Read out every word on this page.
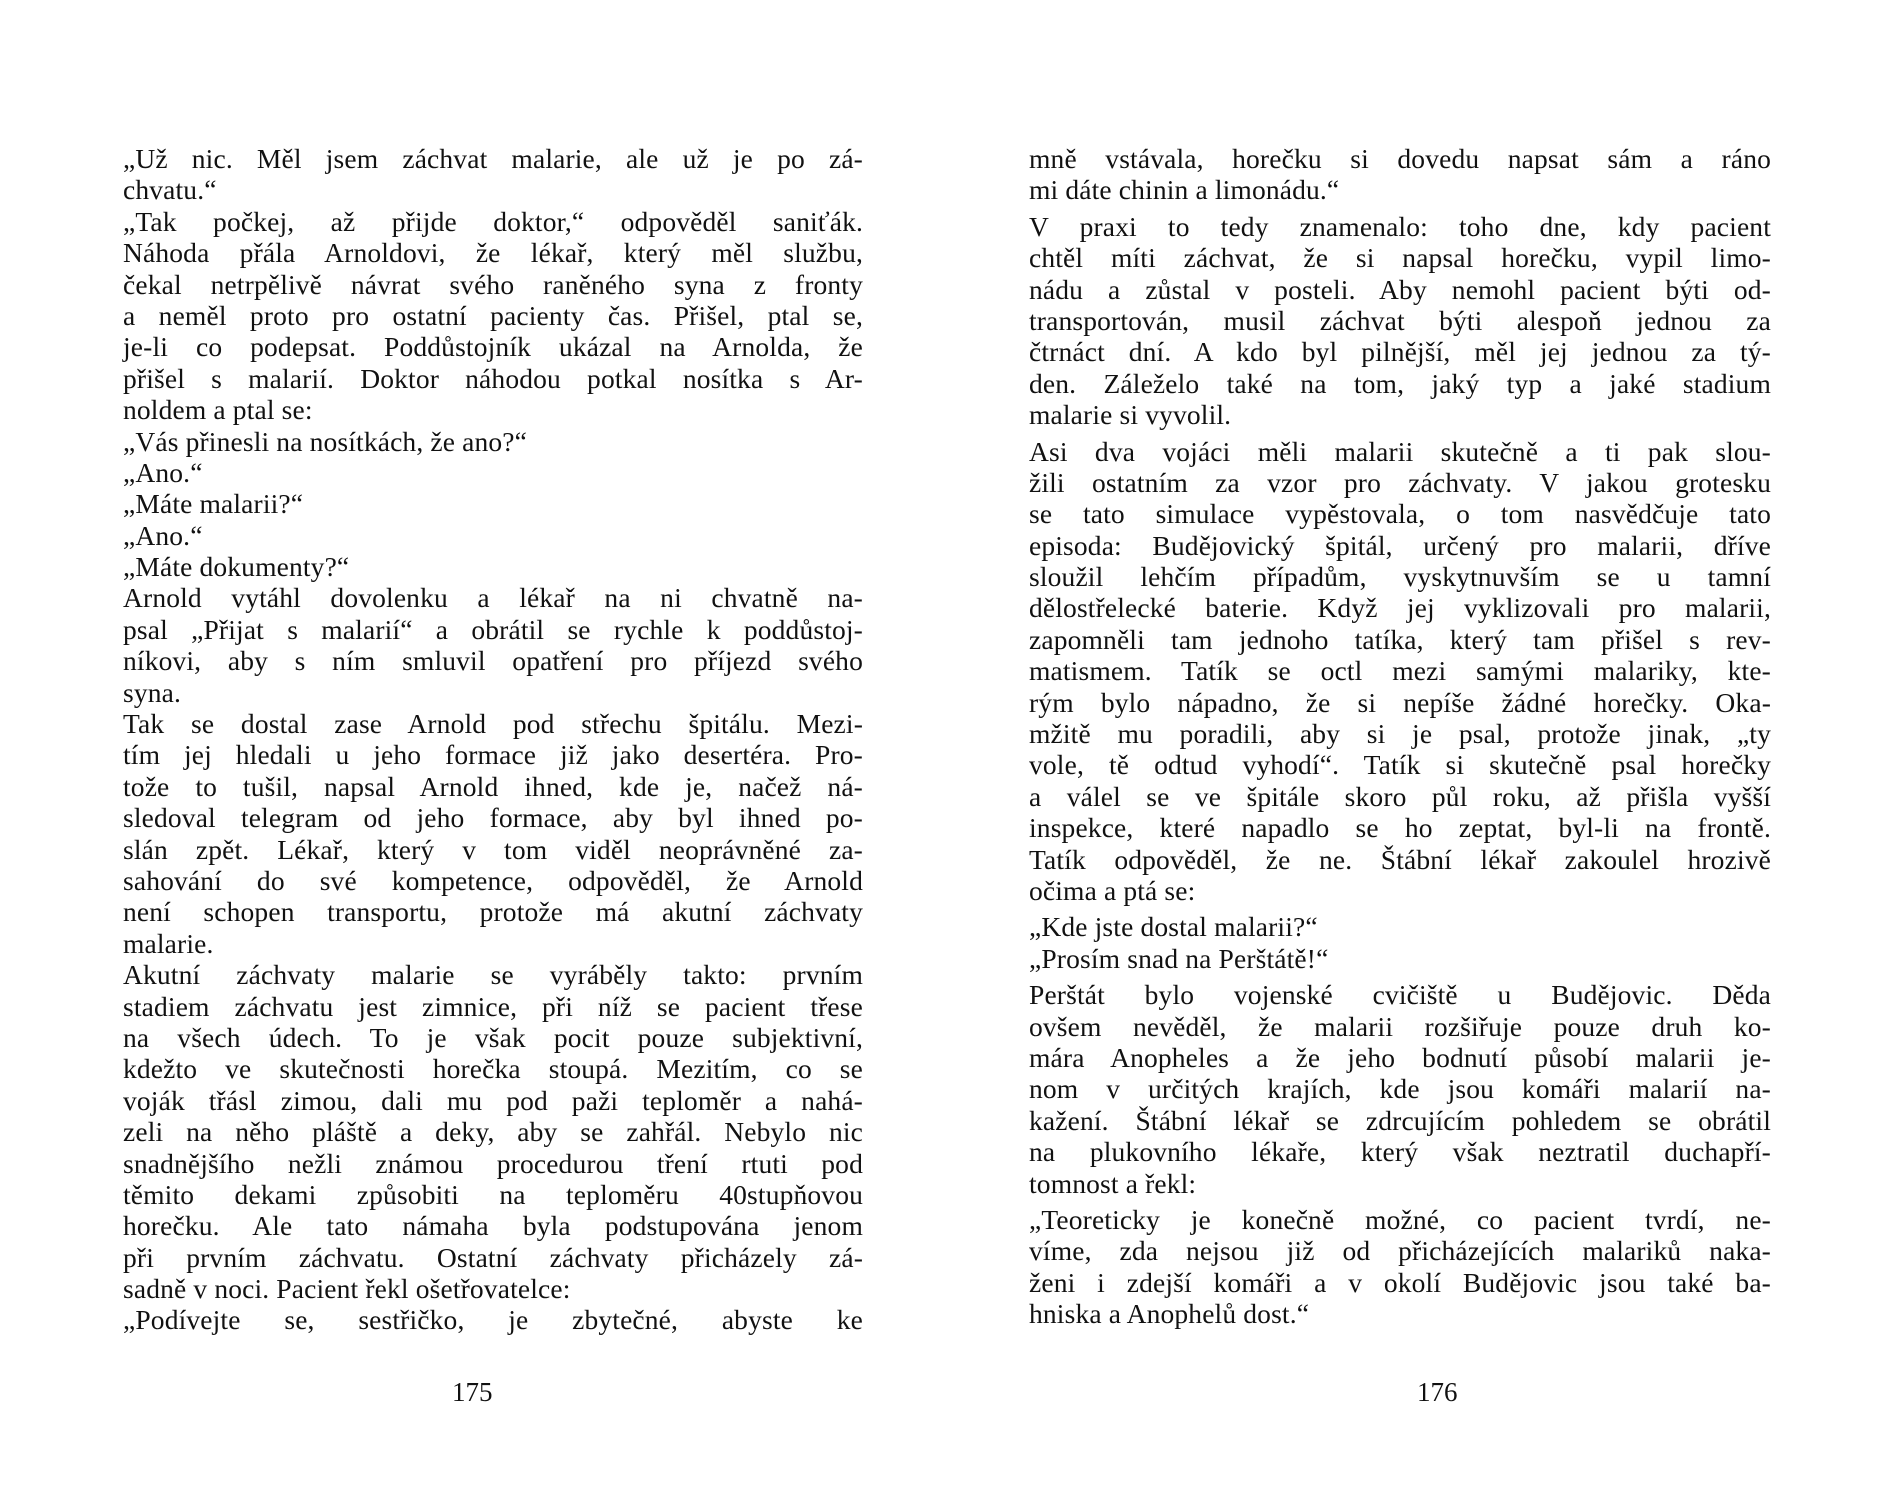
„Už nic. Měl jsem záchvat malarie, ale už je po zá-
chvatu.“
„Tak počkej, až přijde doktor,“ odpověděl saniťák.
Náhoda přála Arnoldovi, že lékař, který měl službu,
čekal netrpělivě návrat svého raněného syna z fronty
a neměl proto pro ostatní pacienty čas. Přišel, ptal se,
je-li co podepsat. Poddůstojník ukázal na Arnolda, že
přišel s malarií. Doktor náhodou potkal nosítka s Ar-
noldem a ptal se:
„Vás přinesli na nosítkách, že ano?“
„Ano.“
„Máte malarii?“
„Ano.“
„Máte dokumenty?“
Arnold vytáhl dovolenku a lékař na ni chvatně na-
psal „Přijat s malarií“ a obrátil se rychle k poddůstoj-
níkovi, aby s ním smluvil opatření pro příjezd svého
syna.
Tak se dostal zase Arnold pod střechu špitálu. Mezi-
tím jej hledali u jeho formace již jako desertéra. Pro-
tože to tušil, napsal Arnold ihned, kde je, načež ná-
sledoval telegram od jeho formace, aby byl ihned po-
slán zpět. Lékař, který v tom viděl neoprávněné za-
sahování do své kompetence, odpověděl, že Arnold
není schopen transportu, protože má akutní záchvaty
malarie.
Akutní záchvaty malarie se vyráběly takto: prvním
stadiem záchvatu jest zimnice, při níž se pacient třese
na všech údech. To je však pocit pouze subjektivní,
kdežto ve skutečnosti horečka stoupá. Mezitím, co se
voják třásl zimou, dali mu pod paži teploměr a nahá-
zeli na něho pláště a deky, aby se zahřál. Nebylo nic
snadnějšího nežli známou procedurou tření rtuti pod
těmito dekami způsobiti na teploměru 40stupňovou
horečku. Ale tato námaha byla podstupována jenom
při prvním záchvatu. Ostatní záchvaty přicházely zá-
sadně v noci. Pacient řekl ošetřovatelce:
„Podívejte se, sestřičko, je zbytečné, abyste ke
175
mně vstávala, horečku si dovedu napsat sám a ráno
mi dáte chinin a limonádu.“
V praxi to tedy znamenalo: toho dne, kdy pacient
chtěl míti záchvat, že si napsal horečku, vypil limo-
nádu a zůstal v posteli. Aby nemohl pacient býti od-
transportován, musil záchvat býti alespoň jednou za
čtrnáct dní. A kdo byl pilnější, měl jej jednou za tý-
den. Záleželo také na tom, jaký typ a jaké stadium
malarie si vyvolil.
Asi dva vojáci měli malarii skutečně a ti pak slou-
žili ostatním za vzor pro záchvaty. V jakou grotesku
se tato simulace vypěstovala, o tom nasvědčuje tato
episoda: Budějovický špitál, určený pro malarii, dříve
sloužil lehčím případům, vyskytnuvším se u tamní
dělostřelecké baterie. Když jej vyklizovali pro malarii,
zapomněli tam jednoho tatíka, který tam přišel s rev-
matismem. Tatík se octl mezi samými malariky, kte-
rým bylo nápadno, že si nepíše žádné horečky. Oka-
mžitě mu poradili, aby si je psal, protože jinak, „ty
vole, tě odtud vyhodí“. Tatík si skutečně psal horečky
a válel se ve špitále skoro půl roku, až přišla vyšší
inspekce, které napadlo se ho zeptat, byl-li na frontě.
Tatík odpověděl, že ne. Štábní lékař zakoulel hrozivě
očima a ptá se:
„Kde jste dostal malarii?“
„Prosím snad na Perštátě!“
Perštát bylo vojenské cvičiště u Budějovic. Děda
ovšem nevěděl, že malarii rozšiřuje pouze druh ko-
mára Anopheles a že jeho bodnutí působí malarii je-
nom v určitých krajích, kde jsou komáři malarií na-
kažení. Štábní lékař se zdrcujícím pohledem se obrátil
na plukovního lékaře, který však neztratil duchapří-
tomnost a řekl:
„Teoreticky je konečně možné, co pacient tvrdí, ne-
víme, zda nejsou již od přicházejících malariků naka-
ženi i zdejší komáři a v okolí Budějovic jsou také ba-
hniska a Anophelů dost.“
176
